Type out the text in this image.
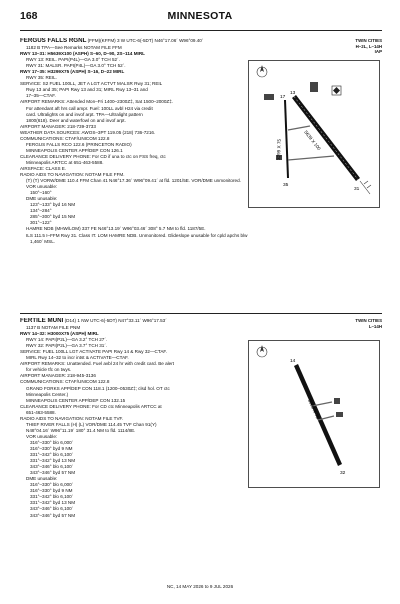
168	MINNESOTA
FERGUS FALLS RGNL (FFM)(KFFM) 3 W UTC-6(-5DT) N46°17.06´ W96°09.40´	TWIN CITIES
H–2L, L–14H
IAP
1182 B TPA—See Remarks NOTAM FILE FFM
RWY 13–31: H5639X100 (ASPH) S–60, D–90, 2S–114 MIRL
RWY 13: REIL. PAPI(P4L)—GA 3.0° TCH 52´.
RWY 31: MALSR. PAPI(P4L)—GA 3.0° TCH 52´.
RWY 17–35: H3299X75 (ASPH) S–16, D–22 MIRL
RWY 35: REIL.
SERVICE: S2 FUEL 100LL, JET A LGT ACTVT MALSR Rwy 31; REIL
Rwy 13 and 35; PAPI Rwy 13 and 31; MIRL Rwy 13–31 and
17–35—CTAF.
AIRPORT REMARKS: Attended Mon–Fri 1400–2300Z‡, Sat 1500–2000Z‡.
For attendant aft hrs call ampr. Fuel: 100LL avbl H24 via credit
card. Ultralights on and invof arpt. TPA—Ultralight pattern
1800(618). Deer and waterfowl on and invof arpt.
AIRPORT MANAGER: 218-739-3733
WEATHER DATA SOURCES: AWOS–3PT 119.05 (218) 736-7216.
COMMUNICATIONS: CTAF/UNICOM 122.8
FERGUS FALLS RCO 122.6 (PRINCETON RADIO)
MINNEAPOLIS CENTER APP/DEP CON 126.1
CLEARANCE DELIVERY PHONE: For CD if una to ctc on FSS freq, ctc
Minneapolis ARTCC at 651-463-5588.
AIRSPACE: CLASS E.
RADIO AIDS TO NAVIGATION: NOTAM FILE FFM.
(T) (T) VORW/DME 110.4 FFM Chan 41 N46°17.36´ W96°09.41´ at fld. 1201/5E. VOR/DME unmonitored.
VOR unusable:
150°–160°
DME unusable:
123°–133° byd 16 NM
134°–284°
285°–300° byd 15 NM
301°–122°
HAMRE NDB (MHW/LOM) 337 FE N46°13.19´ W96°03.46´ 308° 5.7 NM to fld. 1187/5E.
ILS 111.5 I–FFM Rwy 31. Class IT. LOM HAMRE NDB. Unmonitored. Glideslope unusable for cpld apchs blw
1,460´ MSL.
5639 X 100
3299 X 75
13
31
17
35
FERTILE MUNI (D14) 1 NW UTC-6(-5DT) N47°33.11´ W96°17.53´	TWIN CITIES
L–14H
1137 B NOTAM FILE PNM
RWY 14–32: H3000X75 (ASPH) MIRL
RWY 14: PAPI(P2L)—GA 3.2° TCH 27´.
RWY 32: PAPI(P2L)—GA 3.7° TCH 31´.
SERVICE: FUEL 100LL LGT ACTIVATE PAPI Rwy 14 & Rwy 32—CTAF.
MIRL Rwy 14–32 to incr intst & ACTIVATE—CTAF.
AIRPORT REMARKS: Unattended. Fuel avbl 24 hr with credit card. Be alert
for vehicle tfc on twys.
AIRPORT MANAGER: 218-945-3136
COMMUNICATIONS: CTAF/UNICOM 122.8
GRAND FORKS APP/DEP CON 118.1 (1200–0530Z‡; clsd hol. OT ctc
Minneapolis Center.)
MINNEAPOLIS CENTER APP/DEP CON 132.15
CLEARANCE DELIVERY PHONE: For CD ctc Minneapolis ARTCC at
651-463-5588.
RADIO AIDS TO NAVIGATION: NOTAM FILE TVF.
THIEF RIVER FALLS (H) (L) VOR/DME 114.45 TVF Chan 91(Y)
N48°04.16´ W96°11.19´ 180° 31.4 NM to fld. 1114/8E.
VOR unusable:
316°–330° blo 6,000´
316°–330° byd 9 NM
331°–342° blo 6,100´
331°–342° byd 13 NM
343°–346° blo 6,100´
343°–346° byd 57 NM
DME unusable:
316°–330° blo 6,000´
316°–330° byd 9 NM
331°–342° blo 6,100´
331°–342° byd 13 NM
343°–346° blo 6,100´
343°–346° byd 57 NM
3000 X 75
14
32
NC, 14 MAY 2026 to 9 JUL 2026
